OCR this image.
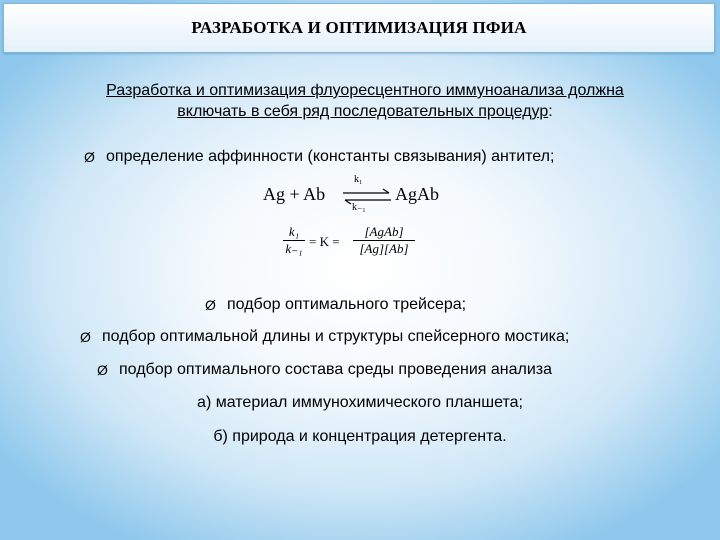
РАЗРАБОТКА И ОПТИМИЗАЦИЯ ПФИА
Разработка и оптимизация флуоресцентного иммуноанализа должна
включать в себя ряд последовательных процедур:
Ø определение аффинности (константы связывания) антител;
Ag + Ab ⇌
k₁
k₋₁
AgAb
$\frac{\text{k₁}}{\text{k₋₁}} = K$ =
[AgAb]
[Ag][Ab]
Ø подбор оптимального трейсера;
Ø подбор оптимальной длины и структуры спейсерного мостика;
Ø подбор оптимального состава среды проведения анализа
а) материал иммунохимического планшета;
б) природа и концентрация детергента.
